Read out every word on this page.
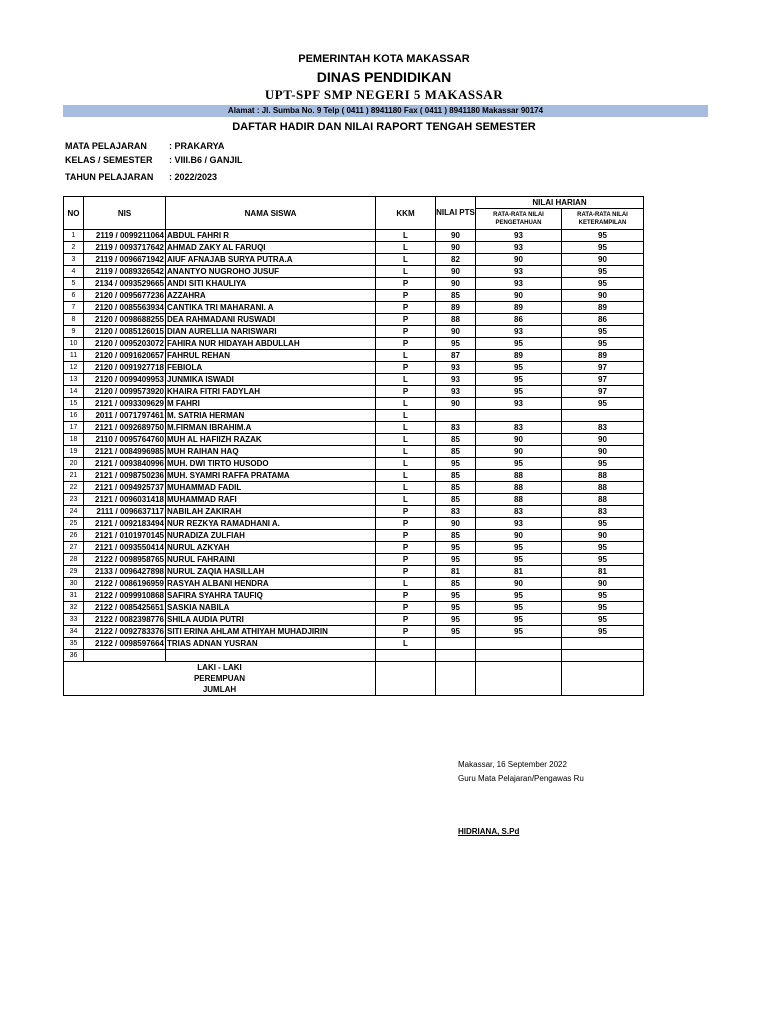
PEMERINTAH KOTA MAKASSAR
DINAS PENDIDIKAN
UPT-SPF SMP NEGERI 5 MAKASSAR
Alamat : Jl. Sumba No. 9 Telp ( 0411 ) 8941180 Fax ( 0411 ) 8941180 Makassar 90174
DAFTAR HADIR DAN NILAI RAPORT TENGAH SEMESTER
MATA PELAJARAN : PRAKARYA
KELAS / SEMESTER : VIII.B6 / GANJIL
TAHUN PELAJARAN : 2022/2023
NO	NIS	NAMA SISWA	KKM	NILAI PTS	NILAI HARIAN	
					RATA-RATA NILAI PENGETAHUAN	RATA-RATA NILAI KETERAMPILAN
1	0099211064 / 2119	ABDUL FAHRI R	L	90	93	95
2	0093717642 / 2119	AHMAD ZAKY AL FARUQI	L	90	93	95
3	0096671942 / 2119	AIUF AFNAJAB SURYA PUTRA.A	L	82	90	90
4	0089326542 / 2119	ANANTYO NUGROHO JUSUF	L	90	93	95
5	0093529665 / 2134	ANDI SITI KHAULIYA	P	90	93	95
6	0095677236 / 2120	AZZAHRA	P	85	90	90
7	0085563934 / 2120	CANTIKA TRI MAHARANI. A	P	89	89	89
8	0098688255 / 2120	DEA RAHMADANI RUSWADI	P	88	86	86
9	0085126015 / 2120	DIAN AURELLIA NARISWARI	P	90	93	95
10	0095203072 / 2120	FAHIRA NUR HIDAYAH ABDULLAH	P	95	95	95
11	0091620657 / 2120	FAHRUL REHAN	L	87	89	89
12	0091927718 / 2120	FEBIOLA	P	93	95	97
13	0099409953 / 2120	JUNMIKA ISWADI	L	93	95	97
14	0099573920 / 2120	KHAIRA FITRI FADYLAH	P	93	95	97
15	0093309629 / 2121	M FAHRI	L	90	93	95
16	0071797461 / 2011	M. SATRIA HERMAN	L			
17	0092689750 / 2121	M.FIRMAN IBRAHIM.A	L	83	83	83
18	0095764760 / 2110	MUH AL HAFIIZH RAZAK	L	85	90	90
19	0084996985 / 2121	MUH RAIHAN HAQ	L	85	90	90
20	0093840996 / 2121	MUH. DWI TIRTO HUSODO	L	95	95	95
21	0098750236 / 2121	MUH. SYAMRI RAFFA PRATAMA	L	85	88	88
22	0094925737 / 2121	MUHAMMAD FADIL	L	85	88	88
23	0096031418 / 2121	MUHAMMAD RAFI	L	85	88	88
24	0096637117 / 2111	NABILAH ZAKIRAH	P	83	83	83
25	0092183494 / 2121	NUR REZKYA RAMADHANI A.	P	90	93	95
26	0101970145 / 2121	NURADIZA ZULFIAH	P	85	90	90
27	0093550414 / 2121	NURUL AZKYAH	P	95	95	95
28	0098958765 / 2122	NURUL FAHRAINI	P	95	95	95
29	0096427898 / 2133	NURUL ZAQIA HASILLAH	P	81	81	81
30	0086196959 / 2122	RASYAH ALBANI HENDRA	L	85	90	90
31	0099910868 / 2122	SAFIRA SYAHRA TAUFIQ	P	95	95	95
32	0085425651 / 2122	SASKIA NABILA	P	95	95	95
33	0082398776 / 2122	SHILA AUDIA PUTRI	P	95	95	95
34	0092783376 / 2122	SITI ERINA AHLAM ATHIYAH MUHADJIRIN	P	95	95	95
35	0098597664 / 2122	TRIAS ADNAN YUSRAN	L			
36						
LAKI - LAKI						
PEREMPUAN						
JUMLAH						
Makassar, 16 September 2022
Guru Mata Pelajaran/Pengawas Ru
HIDRIANA, S.Pd
